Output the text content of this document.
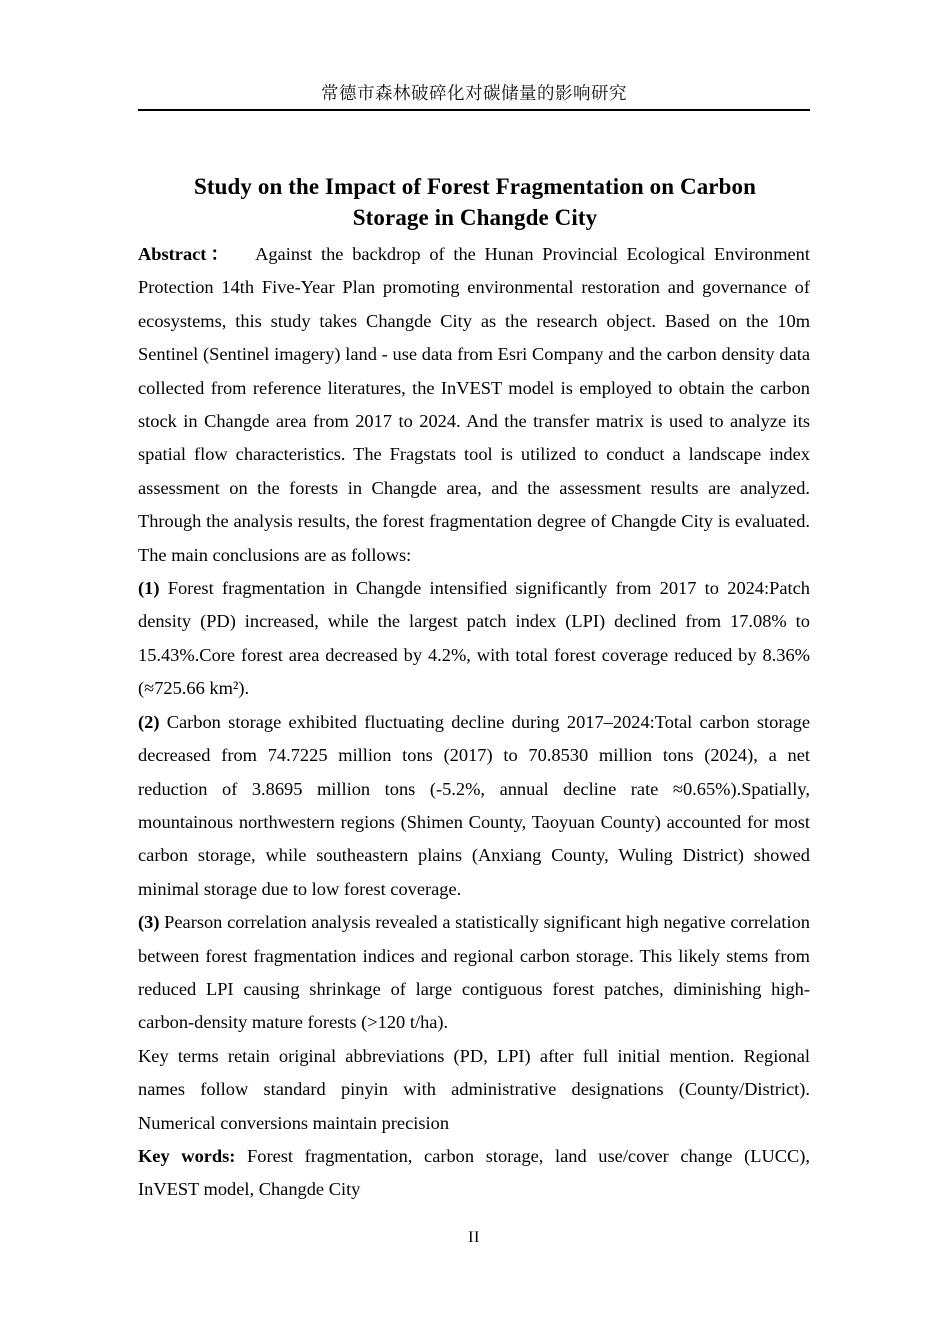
常德市森林破碎化对碳储量的影响研究
Study on the Impact of Forest Fragmentation on Carbon Storage in Changde City

Abstract： Against the backdrop of the Hunan Provincial Ecological Environment Protection 14th Five-Year Plan promoting environmental restoration and governance of ecosystems, this study takes Changde City as the research object. Based on the 10m Sentinel (Sentinel imagery) land - use data from Esri Company and the carbon density data collected from reference literatures, the InVEST model is employed to obtain the carbon stock in Changde area from 2017 to 2024. And the transfer matrix is used to analyze its spatial flow characteristics. The Fragstats tool is utilized to conduct a landscape index assessment on the forests in Changde area, and the assessment results are analyzed. Through the analysis results, the forest fragmentation degree of Changde City is evaluated. The main conclusions are as follows:

(1) Forest fragmentation in Changde intensified significantly from 2017 to 2024:Patch density (PD) increased, while the largest patch index (LPI) declined from 17.08% to 15.43%.Core forest area decreased by 4.2%, with total forest coverage reduced by 8.36% (≈725.66 km²).

(2) Carbon storage exhibited fluctuating decline during 2017–2024:Total carbon storage decreased from 74.7225 million tons (2017) to 70.8530 million tons (2024), a net reduction of 3.8695 million tons (-5.2%, annual decline rate ≈0.65%).Spatially, mountainous northwestern regions (Shimen County, Taoyuan County) accounted for most carbon storage, while southeastern plains (Anxiang County, Wuling District) showed minimal storage due to low forest coverage.

(3) Pearson correlation analysis revealed a statistically significant high negative correlation between forest fragmentation indices and regional carbon storage. This likely stems from reduced LPI causing shrinkage of large contiguous forest patches, diminishing high-carbon-density mature forests (>120 t/ha).

Key terms retain original abbreviations (PD, LPI) after full initial mention. Regional names follow standard pinyin with administrative designations (County/District). Numerical conversions maintain precision

Key words: Forest fragmentation, carbon storage, land use/cover change (LUCC), InVEST model, Changde City

II
